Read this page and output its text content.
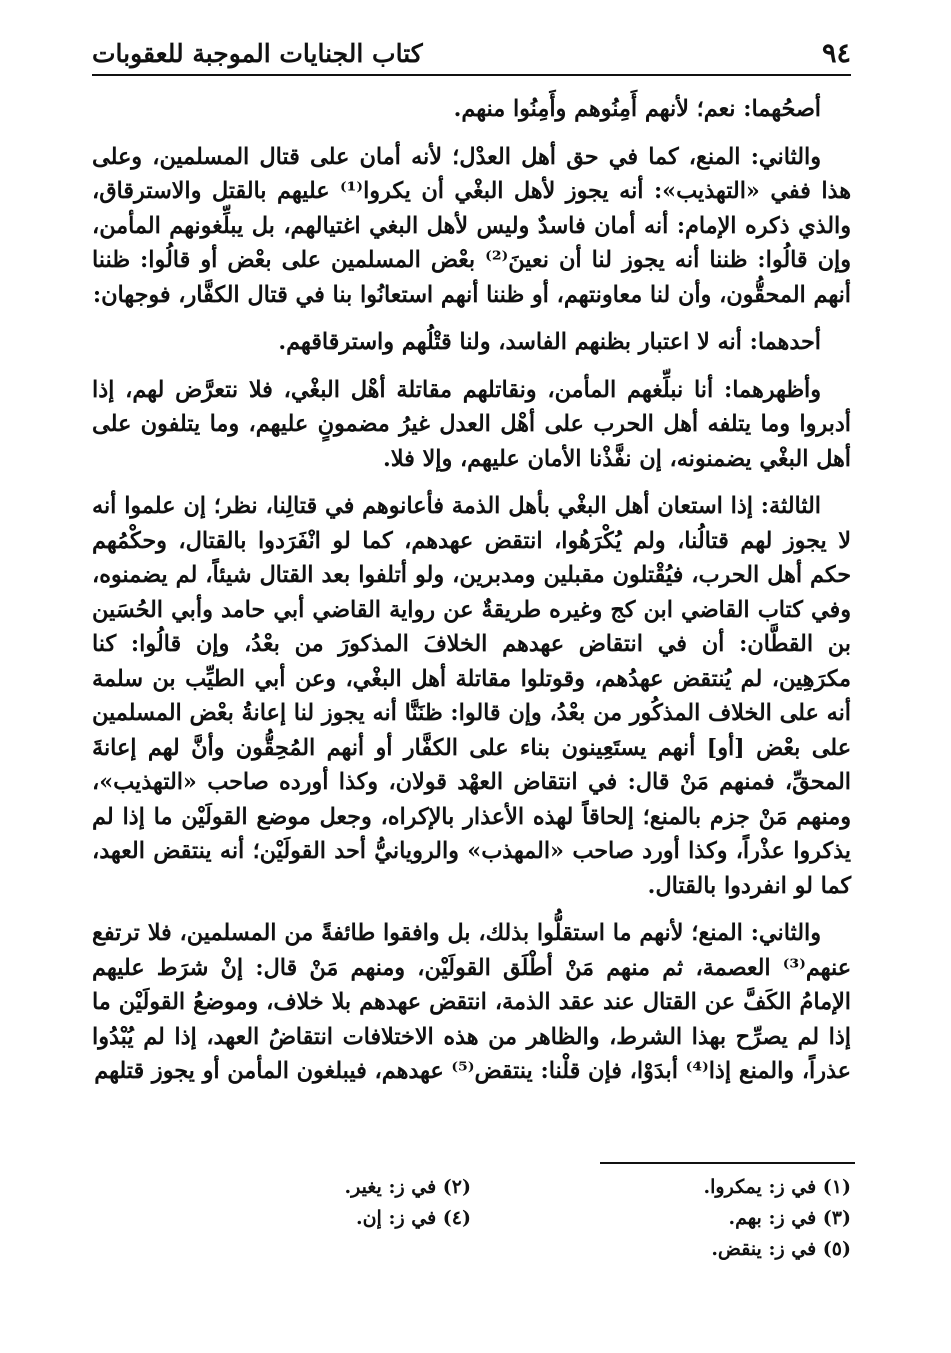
٩٤
كتاب الجنايات الموجبة للعقوبات

أصحُهما: نعم؛ لأنهم أَمِنُوهم وأَمِنُوا منهم.

والثاني: المنع، كما في حق أهل العدْل؛ لأنه أمان على قتال المسلمين، وعلى هذا ففي «التهذيب»: أنه يجوز لأهل البغْي أن يكروا⁽¹⁾ عليهم بالقتل والاسترقاق، والذي ذكره الإمام: أنه أمان فاسدٌ وليس لأهل البغي اغتيالهم، بل يبلِّغونهم المأمن، وإن قالُوا: ظننا أنه يجوز لنا أن نعينَ⁽²⁾ بعْض المسلمين على بعْض أو قالُوا: ظننا أنهم المحقُّون، وأن لنا معاونتهم، أو ظننا أنهم استعانُوا بنا في قتال الكفَّار، فوجهان:

أحدهما: أنه لا اعتبار بظنهم الفاسد، ولنا قتْلُهم واسترقاقهم.

وأظهرهما: أنا نبلِّغهم المأمن، ونقاتلهم مقاتلة أهْل البغْي، فلا نتعرَّض لهم، إذا أدبروا وما يتلفه أهل الحرب على أهْل العدل غيرُ مضمونٍ عليهم، وما يتلفون على أهل البغْي يضمنونه، إن نفَّذْنا الأمان عليهم، وإلا فلا.

الثالثة: إذا استعان أهل البغْي بأهل الذمة فأعانوهم في قتالِنا، نظر؛ إن علموا أنه لا يجوز لهم قتالُنا، ولم يُكْرَهُوا، انتقض عهدهم، كما لو انْفَرَدوا بالقتال، وحكْمُهم حكم أهل الحرب، فيُقْتلون مقبلين ومدبرين، ولو أتلفوا بعد القتال شيئاً، لم يضمنوه، وفي كتاب القاضي ابن كج وغيره طريقةٌ عن رواية القاضي أبي حامد وأبي الحُسَين بن القطَّان: أن في انتقاض عهدهم الخلافَ المذكورَ من بعْدُ، وإن قالُوا: كنا مكرَهِين، لم يُنتقض عهدُهم، وقوتلوا مقاتلة أهل البغْي، وعن أبي الطيِّب بن سلمة أنه على الخلاف المذكُور من بعْدُ، وإن قالوا: ظنَنَّا أنه يجوز لنا إعانةُ بعْض المسلمين على بعْض [أو] أنهم يستَعِينون بناء على الكفَّار أو أنهم المُحِقُّون وأنَّ لهم إعانةَ المحقِّ، فمنهم مَنْ قال: في انتقاض العهْد قولان، وكذا أورده صاحب «التهذيب»، ومنهم مَنْ جزم بالمنع؛ إلحاقاً لهذه الأعذار بالإكراه، وجعل موضع القولَيْن ما إذا لم يذكروا عذْراً، وكذا أورد صاحب «المهذب» والرويانيُّ أحد القولَيْن؛ أنه ينتقض العهد، كما لو انفردوا بالقتال.

والثاني: المنع؛ لأنهم ما استقلُّوا بذلك، بل وافقوا طائفةً من المسلمين، فلا ترتفع عنهم⁽³⁾ العصمة، ثم منهم مَنْ أطْلَق القولَيْن، ومنهم مَنْ قال: إنْ شرَط عليهم الإمامُ الكَفَّ عن القتال عند عقد الذمة، انتقض عهدهم بلا خلاف، وموضعُ القولَيْن ما إذا لم يصرِّح بهذا الشرط، والظاهر من هذه الاختلافات انتقاضُ العهد، إذا لم يُبْدُوا عذراً، والمنع إذا⁽⁴⁾ أبدَوْا، فإن قلْنا: ينتقض⁽⁵⁾ عهدهم، فيبلغون المأمن أو يجوز قتلهم

(١) في ز: يمكروا.
(٣) في ز: بهم.
(٥) في ز: ينقض.
(٢) في ز: يغير.
(٤) في ز: إن.
